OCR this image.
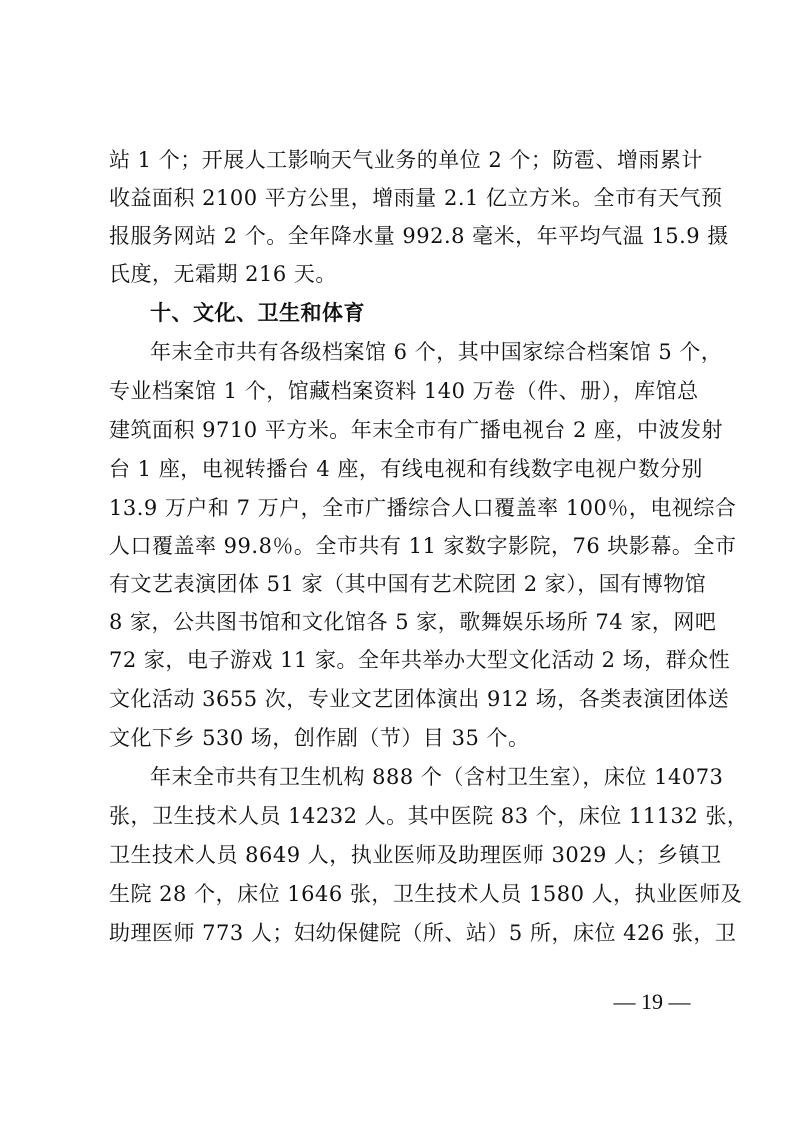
站 1 个；开展人工影响天气业务的单位 2 个；防雹、增雨累计
收益面积 2100 平方公里，增雨量 2.1 亿立方米。全市有天气预
报服务网站 2 个。全年降水量 992.8 毫米，年平均气温 15.9 摄
氏度，无霜期 216 天。
十、文化、卫生和体育
年末全市共有各级档案馆 6 个，其中国家综合档案馆 5 个，
专业档案馆 1 个，馆藏档案资料 140 万卷（件、册），库馆总
建筑面积 9710 平方米。年末全市有广播电视台 2 座，中波发射
台 1 座，电视转播台 4 座，有线电视和有线数字电视户数分别
13.9 万户和 7 万户，全市广播综合人口覆盖率 100％，电视综合
人口覆盖率 99.8％。全市共有 11 家数字影院，76 块影幕。全市
有文艺表演团体 51 家（其中国有艺术院团 2 家），国有博物馆
8 家，公共图书馆和文化馆各 5 家，歌舞娱乐场所 74 家，网吧
72 家，电子游戏 11 家。全年共举办大型文化活动 2 场，群众性
文化活动 3655 次，专业文艺团体演出 912 场，各类表演团体送
文化下乡 530 场，创作剧（节）目 35 个。
年末全市共有卫生机构 888 个（含村卫生室），床位 14073
张，卫生技术人员 14232 人。其中医院 83 个，床位 11132 张，
卫生技术人员 8649 人，执业医师及助理医师 3029 人；乡镇卫
生院 28 个，床位 1646 张，卫生技术人员 1580 人，执业医师及
助理医师 773 人；妇幼保健院（所、站）5 所，床位 426 张，卫
— 19 —
